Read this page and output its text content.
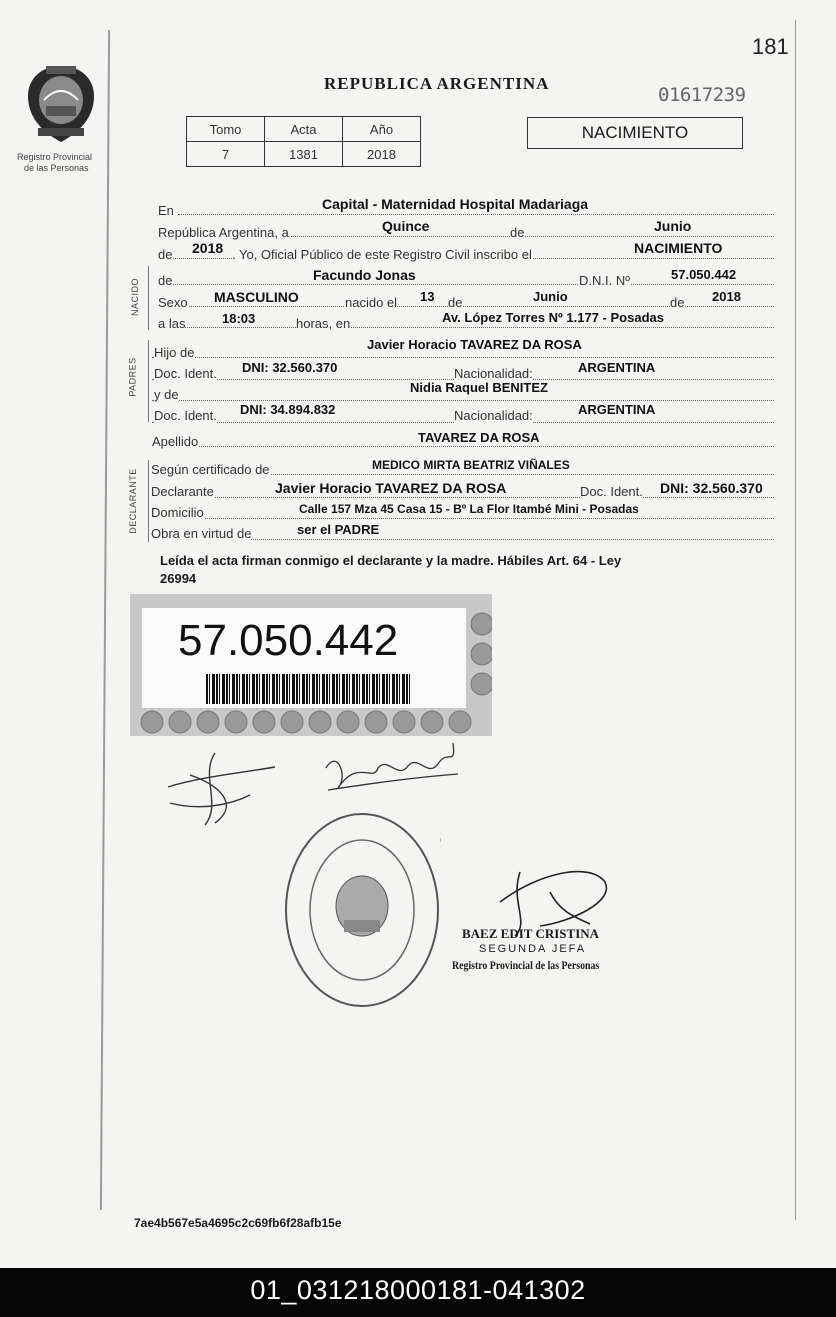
Registro Provincial
de las Personas
181
REPUBLICA ARGENTINA
01617239
Tomo	Acta	Año
7	1381	2018
NACIMIENTO
En	Capital - Maternidad Hospital Madariaga
República Argentina, a	Quince	de	Junio
de 2018 . Yo, Oficial Público de este Registro Civil inscribo el	NACIMIENTO
NACIDO de	Facundo Jonas	D.N.I. Nº	57.050.442
Sexo MASCULINO	nacido el 13 de	Junio	de 2018
a las	18:03	horas, en	Av. López Torres Nº 1.177 - Posadas
PADRES
Hijo de
Javier Horacio TAVAREZ DA ROSA
Doc. Ident. DNI: 32.560.370	Nacionalidad:	ARGENTINA
y de	Nidia Raquel BENITEZ
Doc. Ident. DNI: 34.894.832	Nacionalidad:	ARGENTINA
Apellido	TAVAREZ DA ROSA
DECLARANTE Según certificado de	MEDICO MIRTA BEATRIZ VIÑALES
Declarante	Javier Horacio TAVAREZ DA ROSA	Doc. Ident. DNI: 32.560.370
Domicilio	Calle 157 Mza 45 Casa 15 - Bº La Flor Itambé Mini - Posadas
Obra en virtud de	ser el PADRE
Leída el acta firman conmigo el declarante y la madre. Hábiles Art. 64 - Ley
26994
57.050.442
BAEZ EDIT CRISTINA
SEGUNDA JEFA
Registro Provincial de las Personas
7ae4b567e5a4695c2c69fb6f28afb15e
01_031218000181-041302
